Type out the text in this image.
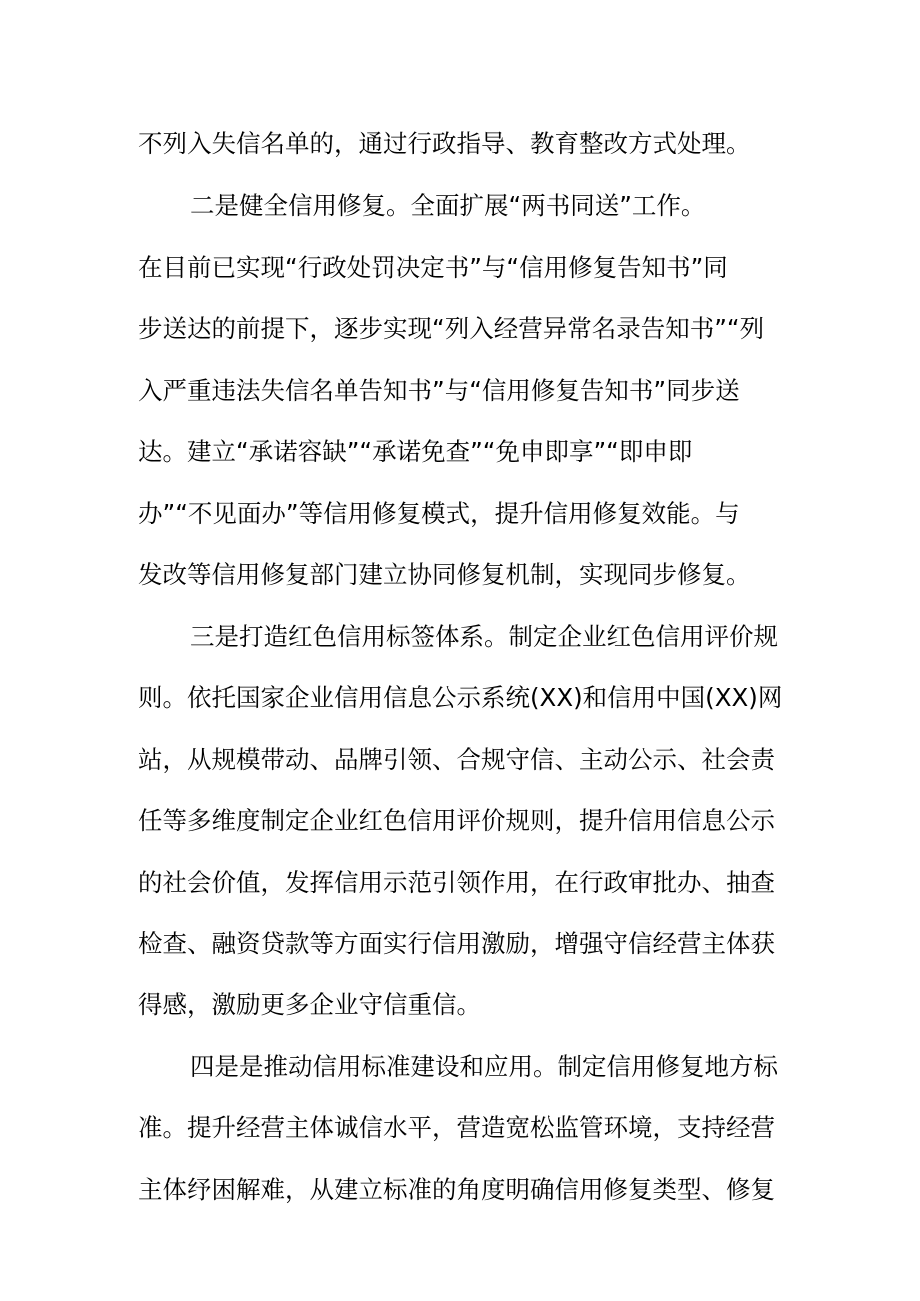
不列入失信名单的，通过行政指导、教育整改方式处理。
二是健全信用修复。全面扩展“两书同送”工作。
在目前已实现“行政处罚决定书”与“信用修复告知书”同
步送达的前提下，逐步实现“列入经营异常名录告知书”“列
入严重违法失信名单告知书”与“信用修复告知书”同步送
达。建立“承诺容缺”“承诺免查”“免申即享”“即申即
办”“不见面办”等信用修复模式，提升信用修复效能。与
发改等信用修复部门建立协同修复机制，实现同步修复。
三是打造红色信用标签体系。制定企业红色信用评价规
则。依托国家企业信用信息公示系统(XX)和信用中国(XX)网
站，从规模带动、品牌引领、合规守信、主动公示、社会责
任等多维度制定企业红色信用评价规则，提升信用信息公示
的社会价值，发挥信用示范引领作用，在行政审批办、抽查
检查、融资贷款等方面实行信用激励，增强守信经营主体获
得感，激励更多企业守信重信。
四是是推动信用标准建设和应用。制定信用修复地方标
准。提升经营主体诚信水平，营造宽松监管环境，支持经营
主体纾困解难，从建立标准的角度明确信用修复类型、修复
